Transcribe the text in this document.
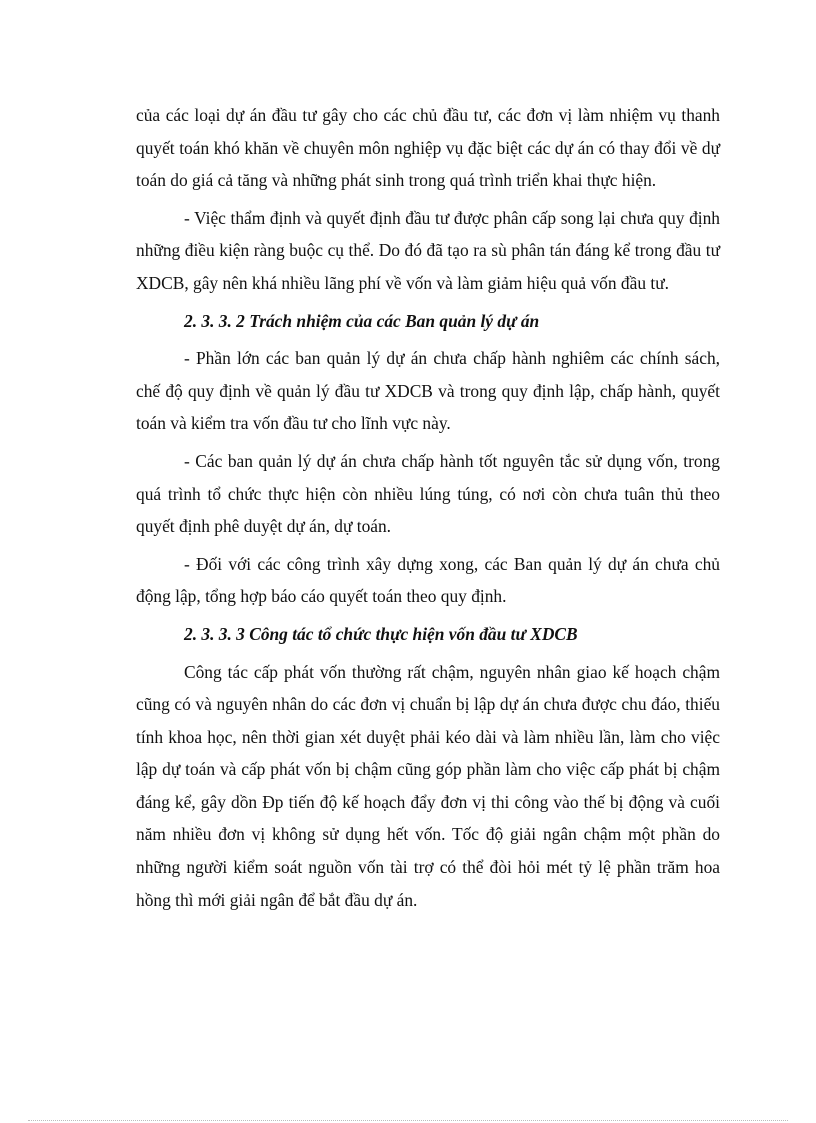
của các loại dự án đầu tư gây cho các chủ đầu tư, các đơn vị làm nhiệm vụ thanh quyết toán khó khăn về chuyên môn nghiệp vụ đặc biệt các dự án có thay đổi về dự toán do giá cả tăng và những phát sinh trong quá trình triển khai thực hiện.

- Việc thẩm định và quyết định đầu tư được phân cấp song lại chưa quy định những điều kiện ràng buộc cụ thể. Do đó đã tạo ra sù phân tán đáng kể trong đầu tư XDCB, gây nên khá nhiều lãng phí về vốn và làm giảm hiệu quả vốn đầu tư.

2. 3. 3. 2 Trách nhiệm của các Ban quản lý dự án

- Phần lớn các ban quản lý dự án chưa chấp hành nghiêm các chính sách, chế độ quy định về quản lý đầu tư XDCB và trong quy định lập, chấp hành, quyết toán và kiểm tra vốn đầu tư cho lĩnh vực này.

- Các ban quản lý dự án chưa chấp hành tốt nguyên tắc sử dụng vốn, trong quá trình tổ chức thực hiện còn nhiều lúng túng, có nơi còn chưa tuân thủ theo quyết định phê duyệt dự án, dự toán.

- Đối với các công trình xây dựng xong, các Ban quản lý dự án chưa chủ động lập, tổng hợp báo cáo quyết toán theo quy định.

2. 3. 3. 3 Công tác tổ chức thực hiện vốn đầu tư XDCB

Công tác cấp phát vốn thường rất chậm, nguyên nhân giao kế hoạch chậm cũng có và nguyên nhân do các đơn vị chuẩn bị lập dự án chưa được chu đáo, thiếu tính khoa học, nên thời gian xét duyệt phải kéo dài và làm nhiều lần, làm cho việc lập dự toán và cấp phát vốn bị chậm cũng góp phần làm cho việc cấp phát bị chậm đáng kể, gây dồn Đp tiến độ kế hoạch đẩy đơn vị thi công vào thế bị động và cuối năm nhiều đơn vị không sử dụng hết vốn. Tốc độ giải ngân chậm một phần do những người kiểm soát nguồn vốn tài trợ có thể đòi hỏi mét tỷ lệ phần trăm hoa hồng thì mới giải ngân để bắt đầu dự án.
